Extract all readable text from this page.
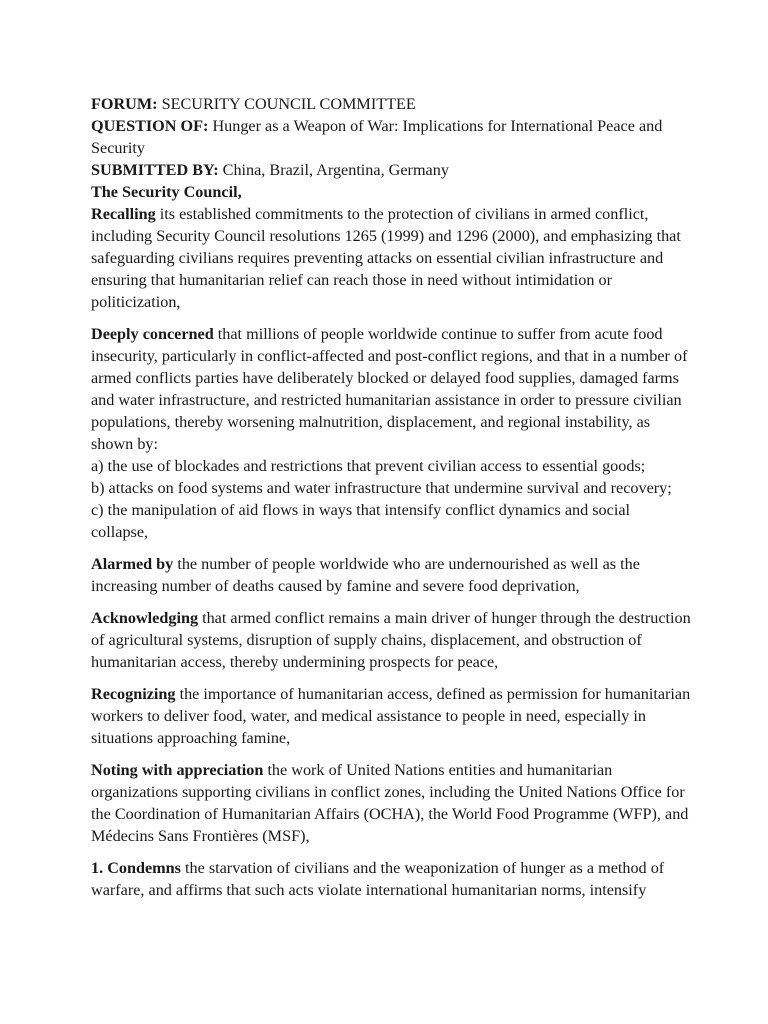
FORUM: SECURITY COUNCIL COMMITTEE

QUESTION OF: Hunger as a Weapon of War: Implications for International Peace and Security

SUBMITTED BY: China, Brazil, Argentina, Germany

The Security Council,

Recalling its established commitments to the protection of civilians in armed conflict, including Security Council resolutions 1265 (1999) and 1296 (2000), and emphasizing that safeguarding civilians requires preventing attacks on essential civilian infrastructure and ensuring that humanitarian relief can reach those in need without intimidation or politicization,

Deeply concerned that millions of people worldwide continue to suffer from acute food insecurity, particularly in conflict-affected and post-conflict regions, and that in a number of armed conflicts parties have deliberately blocked or delayed food supplies, damaged farms and water infrastructure, and restricted humanitarian assistance in order to pressure civilian populations, thereby worsening malnutrition, displacement, and regional instability, as shown by:

a) the use of blockades and restrictions that prevent civilian access to essential goods;

b) attacks on food systems and water infrastructure that undermine survival and recovery;

c) the manipulation of aid flows in ways that intensify conflict dynamics and social collapse,

Alarmed by the number of people worldwide who are undernourished as well as the increasing number of deaths caused by famine and severe food deprivation,

Acknowledging that armed conflict remains a main driver of hunger through the destruction of agricultural systems, disruption of supply chains, displacement, and obstruction of humanitarian access, thereby undermining prospects for peace,

Recognizing the importance of humanitarian access, defined as permission for humanitarian workers to deliver food, water, and medical assistance to people in need, especially in situations approaching famine,

Noting with appreciation the work of United Nations entities and humanitarian organizations supporting civilians in conflict zones, including the United Nations Office for the Coordination of Humanitarian Affairs (OCHA), the World Food Programme (WFP), and Médecins Sans Frontières (MSF),

1. Condemns the starvation of civilians and the weaponization of hunger as a method of warfare, and affirms that such acts violate international humanitarian norms, intensify
